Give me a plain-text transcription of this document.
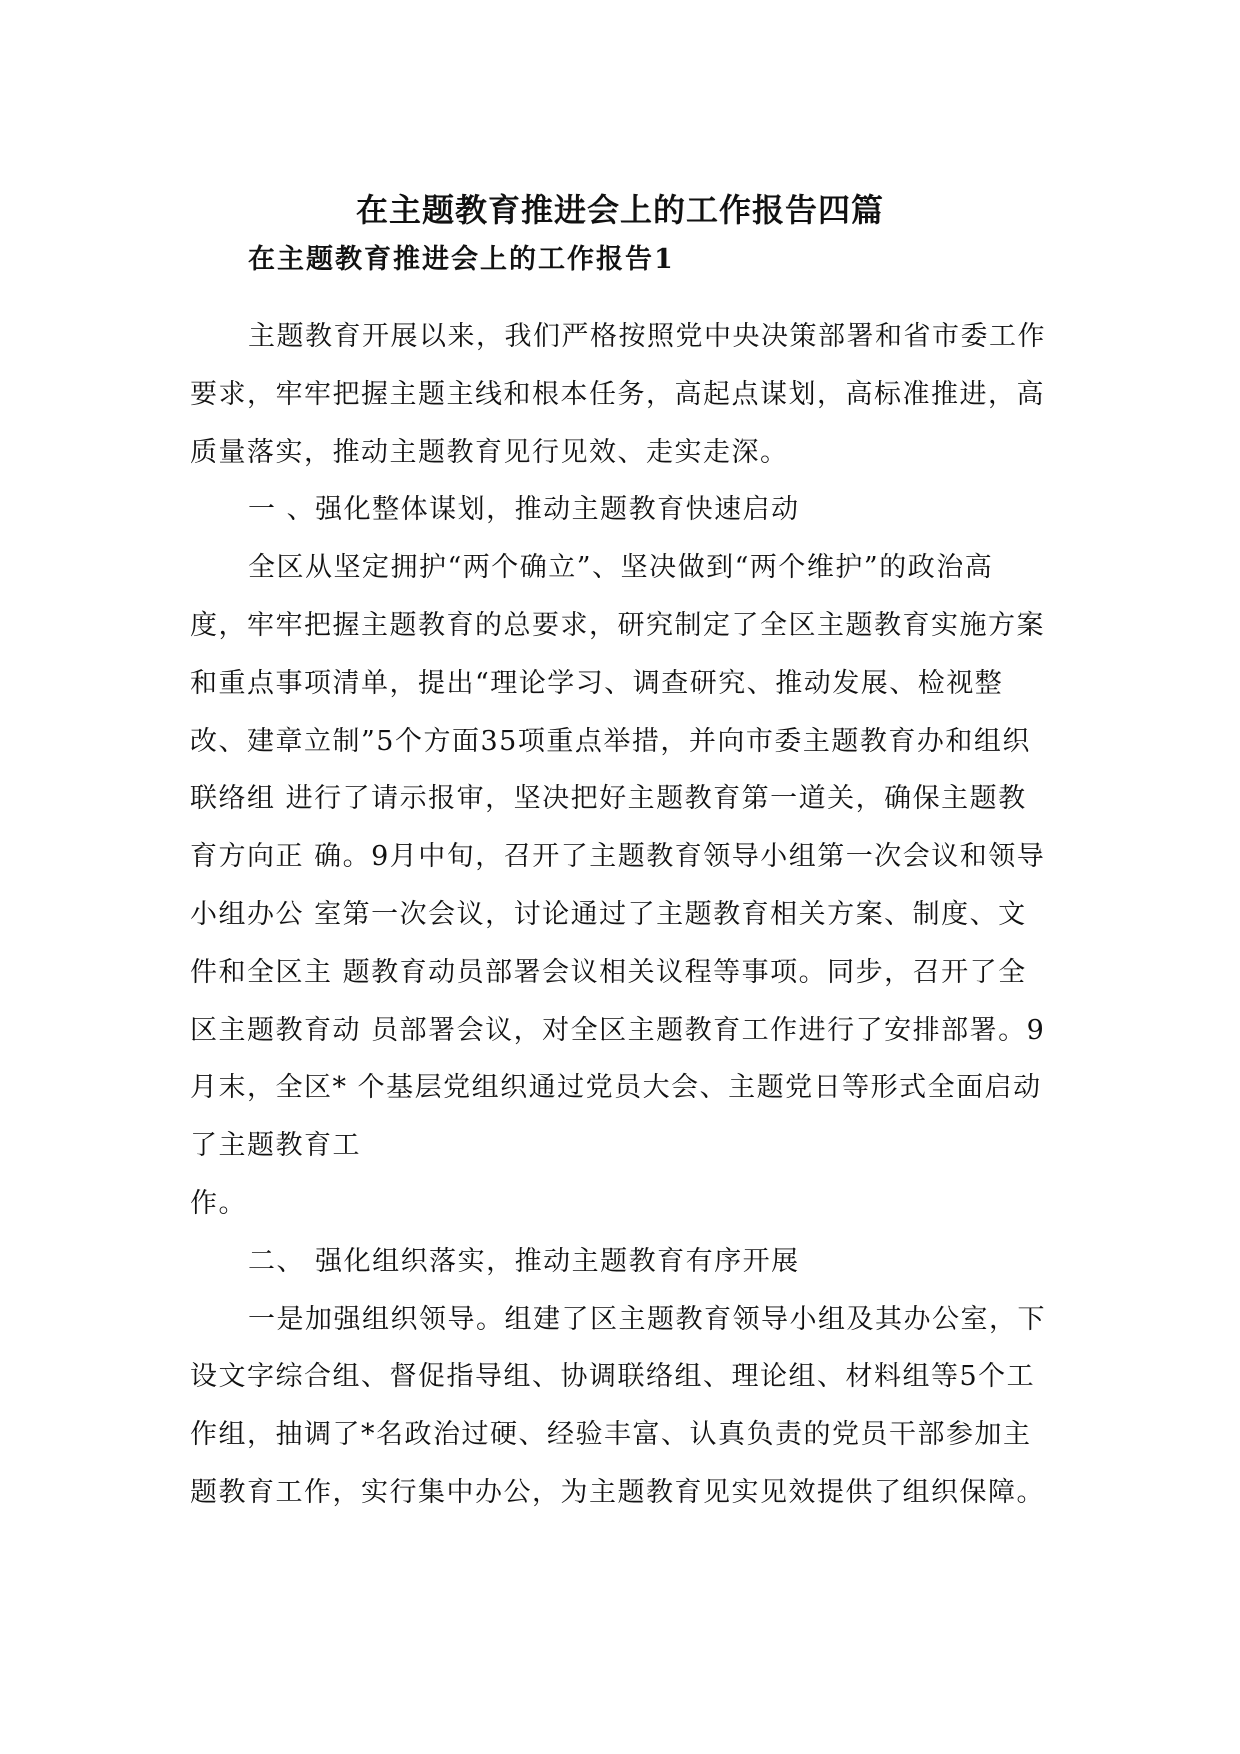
在主题教育推进会上的工作报告四篇
在主题教育推进会上的工作报告1

主题教育开展以来，我们严格按照党中央决策部署和省市委工作要求，牢牢把握主题主线和根本任务，高起点谋划，高标准推进，高质量落实，推动主题教育见行见效、走实走深。

一 、强化整体谋划，推动主题教育快速启动

全区从坚定拥护“两个确立”、坚决做到“两个维护”的政治高度，牢牢把握主题教育的总要求，研究制定了全区主题教育实施方案和重点事项清单，提出“理论学习、调查研究、推动发展、检视整改、建章立制”5个方面35项重点举措，并向市委主题教育办和组织联络组 进行了请示报审，坚决把好主题教育第一道关，确保主题教育方向正 确。9月中旬，召开了主题教育领导小组第一次会议和领导小组办公 室第一次会议，讨论通过了主题教育相关方案、制度、文件和全区主 题教育动员部署会议相关议程等事项。同步，召开了全区主题教育动 员部署会议，对全区主题教育工作进行了安排部署。9月末，全区* 个基层党组织通过党员大会、主题党日等形式全面启动了主题教育工

作。

二、 强化组织落实，推动主题教育有序开展

一是加强组织领导。组建了区主题教育领导小组及其办公室，下设文字综合组、督促指导组、协调联络组、理论组、材料组等5个工 作组，抽调了*名政治过硬、经验丰富、认真负责的党员干部参加主

题教育工作，实行集中办公，为主题教育见实见效提供了组织保障。
